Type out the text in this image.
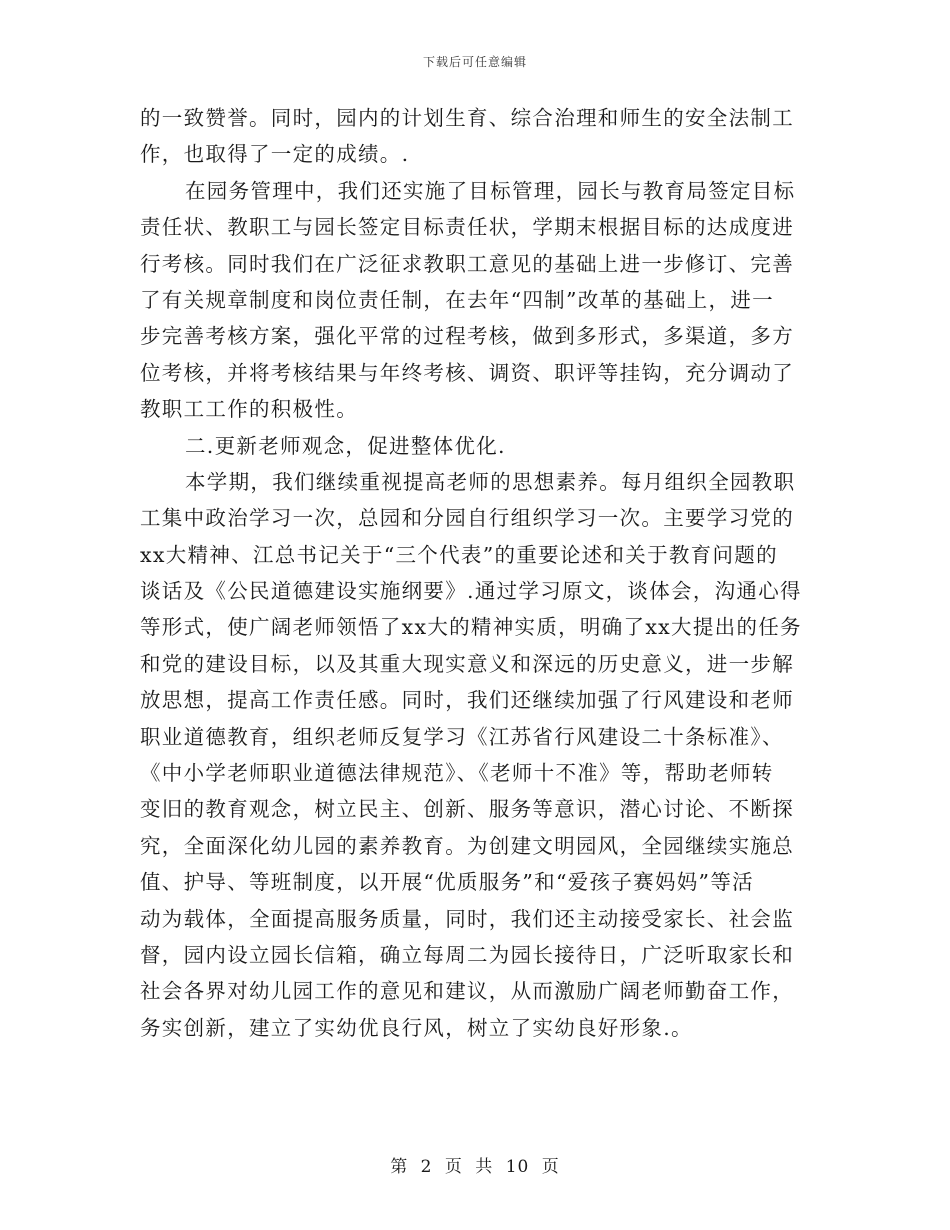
下载后可任意编辑
的一致赞誉。同时，园内的计划生育、综合治理和师生的安全法制工
作，也取得了一定的成绩。.
在园务管理中，我们还实施了目标管理，园长与教育局签定目标
责任状、教职工与园长签定目标责任状，学期末根据目标的达成度进
行考核。同时我们在广泛征求教职工意见的基础上进一步修订、完善
了有关规章制度和岗位责任制，在去年“四制”改革的基础上，进一
步完善考核方案，强化平常的过程考核，做到多形式，多渠道，多方
位考核，并将考核结果与年终考核、调资、职评等挂钩，充分调动了
教职工工作的积极性。
二.更新老师观念，促进整体优化.
本学期，我们继续重视提高老师的思想素养。每月组织全园教职
工集中政治学习一次，总园和分园自行组织学习一次。主要学习党的
xx大精神、江总书记关于“三个代表”的重要论述和关于教育问题的
谈话及《公民道德建设实施纲要》.通过学习原文，谈体会，沟通心得
等形式，使广阔老师领悟了xx大的精神实质，明确了xx大提出的任务
和党的建设目标，以及其重大现实意义和深远的历史意义，进一步解
放思想，提高工作责任感。同时，我们还继续加强了行风建设和老师
职业道德教育，组织老师反复学习《江苏省行风建设二十条标准》、
《中小学老师职业道德法律规范》、《老师十不准》等，帮助老师转
变旧的教育观念，树立民主、创新、服务等意识，潜心讨论、不断探
究，全面深化幼儿园的素养教育。为创建文明园风，全园继续实施总
值、护导、等班制度，以开展“优质服务”和“爱孩子赛妈妈”等活
动为载体，全面提高服务质量，同时，我们还主动接受家长、社会监
督，园内设立园长信箱，确立每周二为园长接待日，广泛听取家长和
社会各界对幼儿园工作的意见和建议，从而激励广阔老师勤奋工作，
务实创新，建立了实幼优良行风，树立了实幼良好形象.。
第 2 页 共 10 页
